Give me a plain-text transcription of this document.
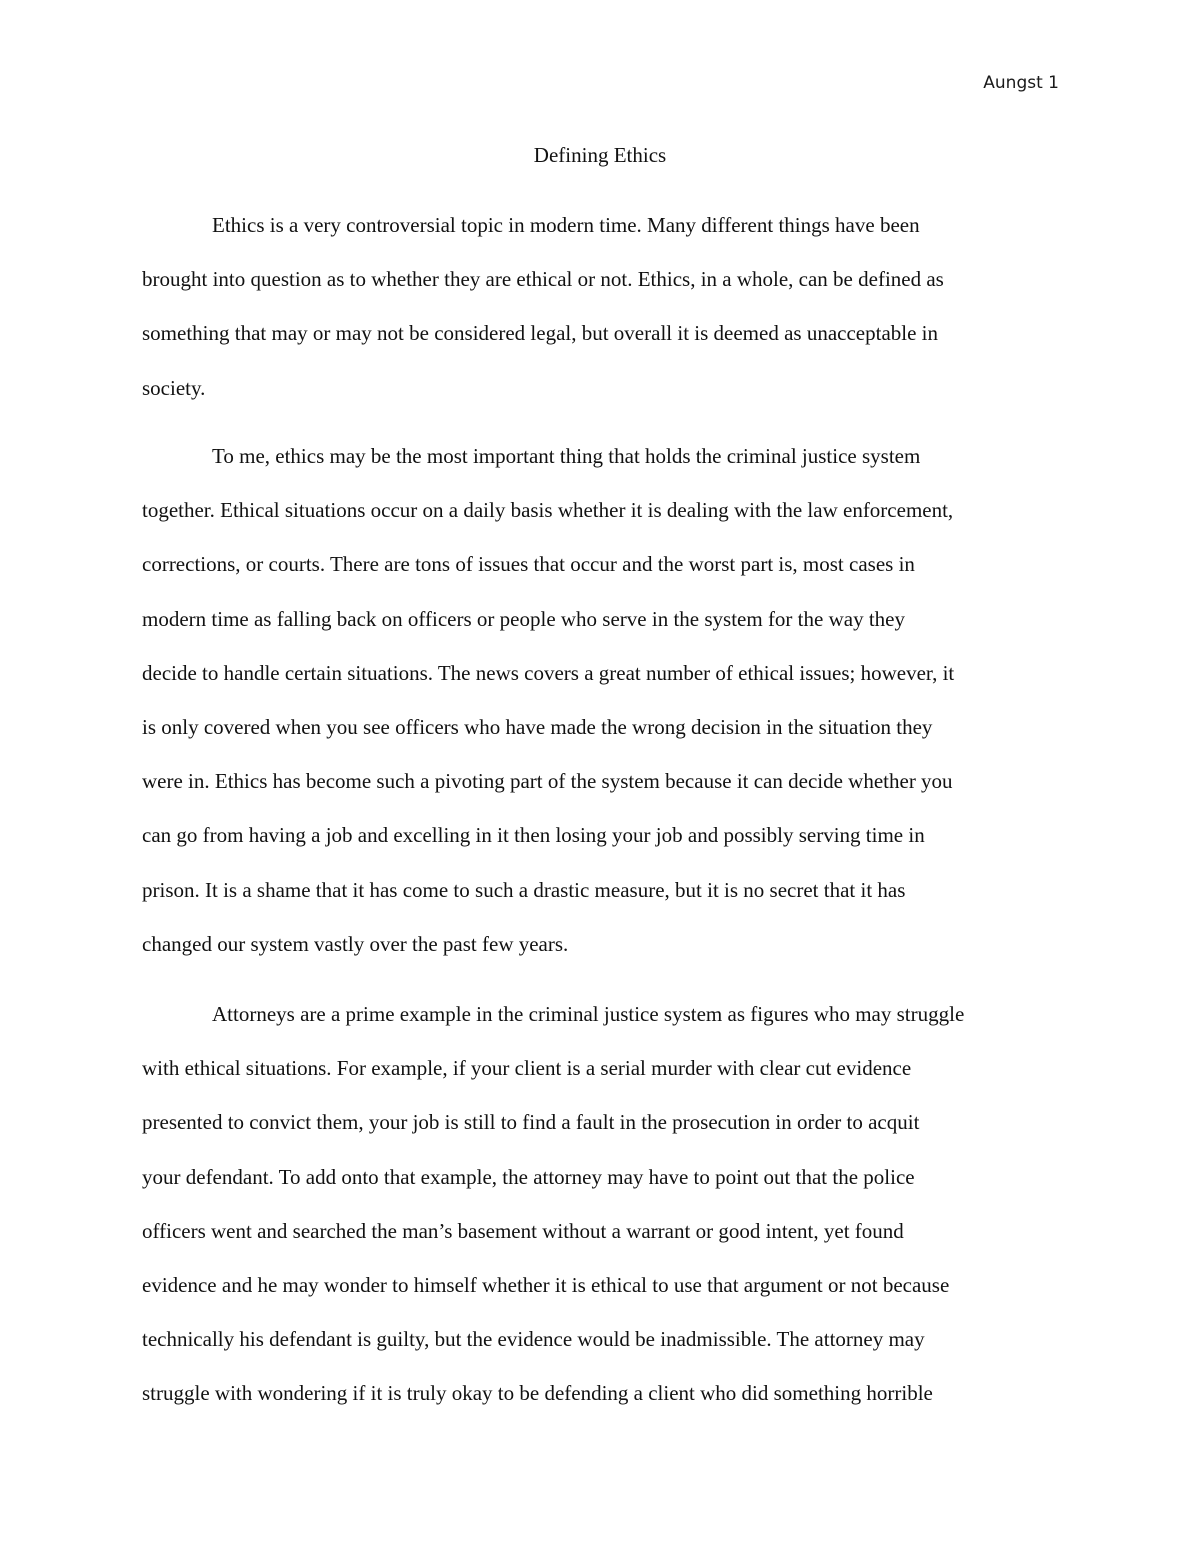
Aungst 1
Defining Ethics
Ethics is a very controversial topic in modern time. Many different things have been
brought into question as to whether they are ethical or not. Ethics, in a whole, can be defined as
something that may or may not be considered legal, but overall it is deemed as unacceptable in
society.
To me, ethics may be the most important thing that holds the criminal justice system
together. Ethical situations occur on a daily basis whether it is dealing with the law enforcement,
corrections, or courts. There are tons of issues that occur and the worst part is, most cases in
modern time as falling back on officers or people who serve in the system for the way they
decide to handle certain situations. The news covers a great number of ethical issues; however, it
is only covered when you see officers who have made the wrong decision in the situation they
were in. Ethics has become such a pivoting part of the system because it can decide whether you
can go from having a job and excelling in it then losing your job and possibly serving time in
prison. It is a shame that it has come to such a drastic measure, but it is no secret that it has
changed our system vastly over the past few years.
Attorneys are a prime example in the criminal justice system as figures who may struggle
with ethical situations. For example, if your client is a serial murder with clear cut evidence
presented to convict them, your job is still to find a fault in the prosecution in order to acquit
your defendant. To add onto that example, the attorney may have to point out that the police
officers went and searched the man’s basement without a warrant or good intent, yet found
evidence and he may wonder to himself whether it is ethical to use that argument or not because
technically his defendant is guilty, but the evidence would be inadmissible. The attorney may
struggle with wondering if it is truly okay to be defending a client who did something horrible
